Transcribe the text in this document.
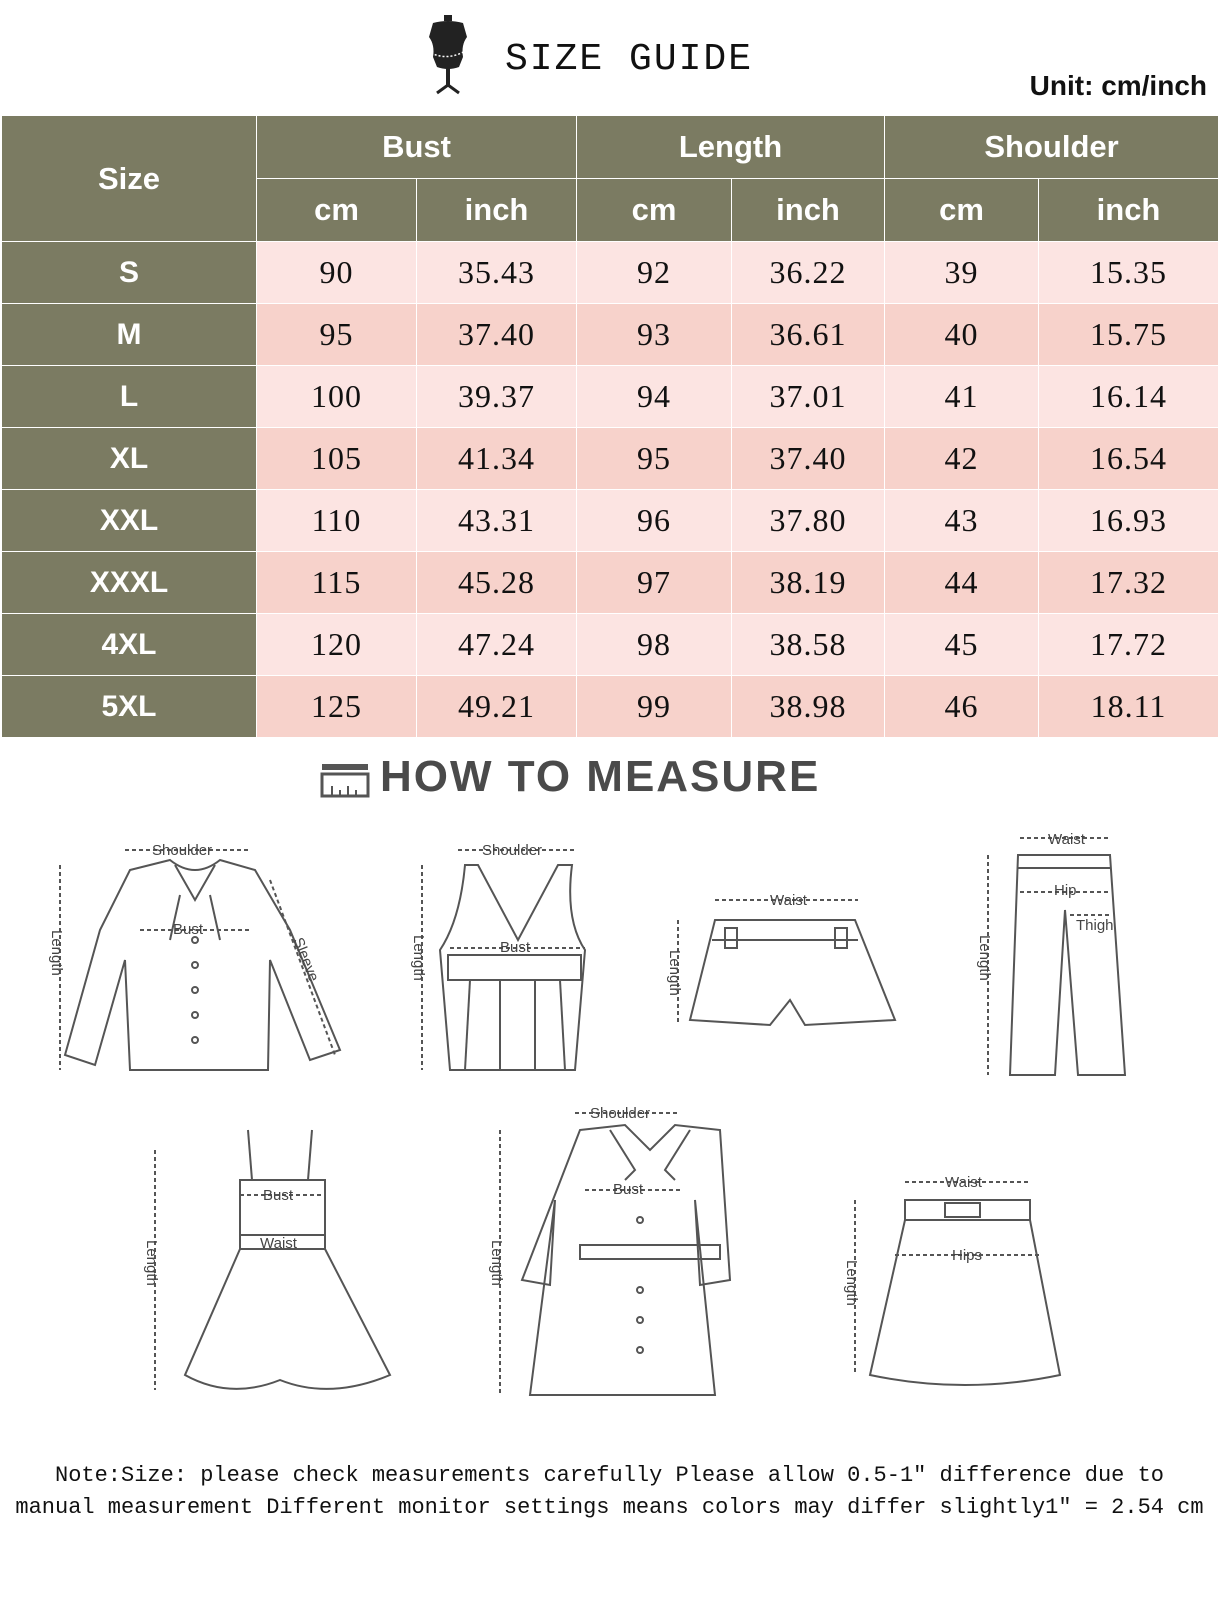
SIZE GUIDE
Unit: cm/inch
Size	Bust		Length		Shoulder	
	cm	inch	cm	inch	cm	inch
S	90	35.43	92	36.22	39	15.35
M	95	37.40	93	36.61	40	15.75
L	100	39.37	94	37.01	41	16.14
XL	105	41.34	95	37.40	42	16.54
XXL	110	43.31	96	37.80	43	16.93
XXXL	115	45.28	97	38.19	44	17.32
4XL	120	47.24	98	38.58	45	17.72
5XL	125	49.21	99	38.98	46	18.11
HOW TO MEASURE
Shoulder
Bust
Length	Sleeve
Shoulder
Bust
Length
Waist
Length
Waist
Hip
Thigh
Length
Bust
Waist
Length
Shoulder
Bust
Length
Waist
Hips
Length
Note:Size: please check measurements carefully Please allow 0.5-1" difference due to manual measurement Different monitor settings means colors may differ slightly1" = 2.54 cm
